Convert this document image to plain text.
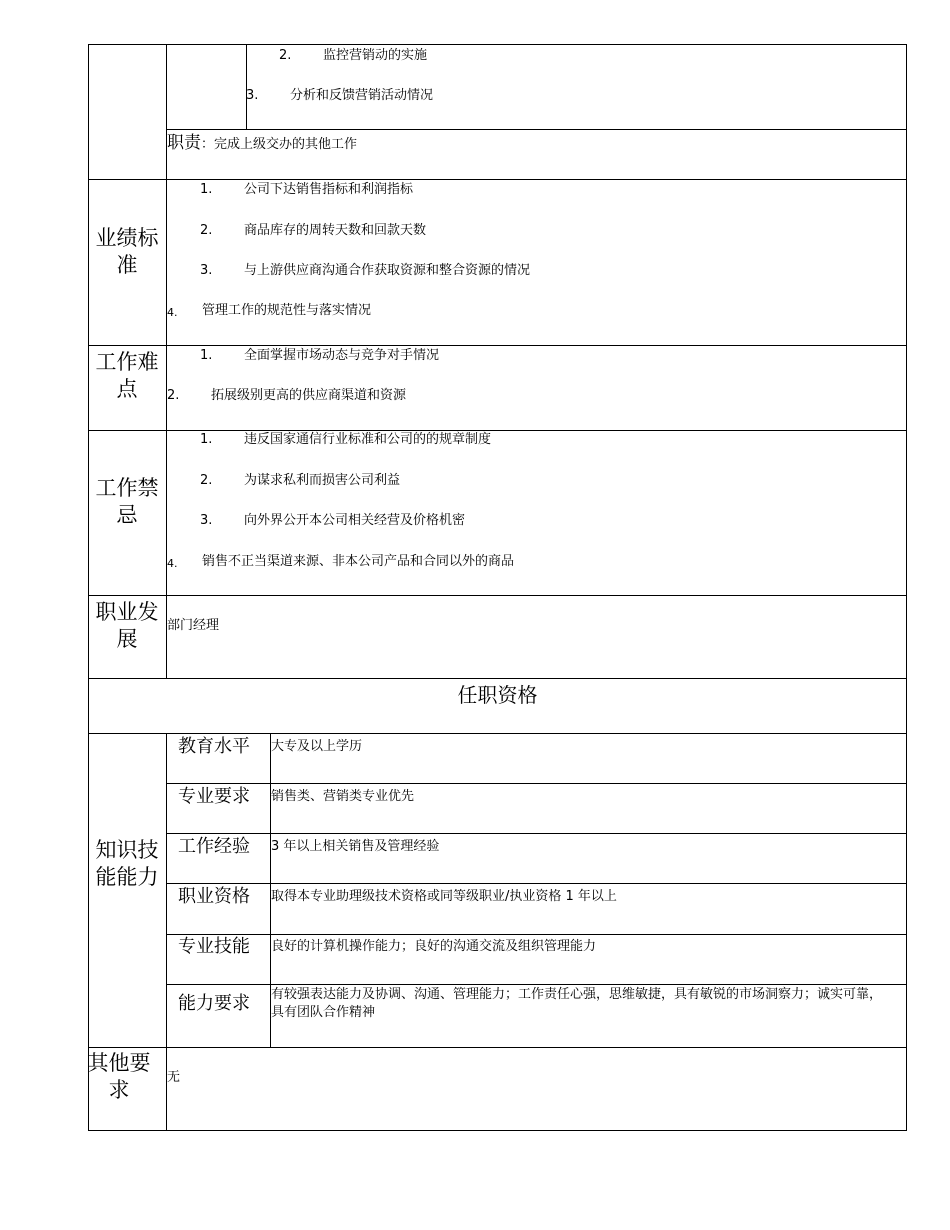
2. 监控营销动的实施
3. 分析和反馈营销活动情况
职责：完成上级交办的其他工作
业绩标准
1. 公司下达销售指标和利润指标
2. 商品库存的周转天数和回款天数
3. 与上游供应商沟通合作获取资源和整合资源的情况
4. 管理工作的规范性与落实情况
工作难点
1. 全面掌握市场动态与竞争对手情况
2. 拓展级别更高的供应商渠道和资源
工作禁忌
1. 违反国家通信行业标准和公司的的规章制度
2. 为谋求私利而损害公司利益
3. 向外界公开本公司相关经营及价格机密
4. 销售不正当渠道来源、非本公司产品和合同以外的商品
职业发展
部门经理
任职资格
知识技能能力
教育水平 大专及以上学历
专业要求 销售类、营销类专业优先
工作经验 3 年以上相关销售及管理经验
职业资格 取得本专业助理级技术资格或同等级职业/执业资格 1 年以上
专业技能 良好的计算机操作能力；良好的沟通交流及组织管理能力
能力要求 有较强表达能力及协调、沟通、管理能力；工作责任心强，思维敏捷，具有敏锐的市场洞察力；诚实可靠，具有团队合作精神
其他要求
无
